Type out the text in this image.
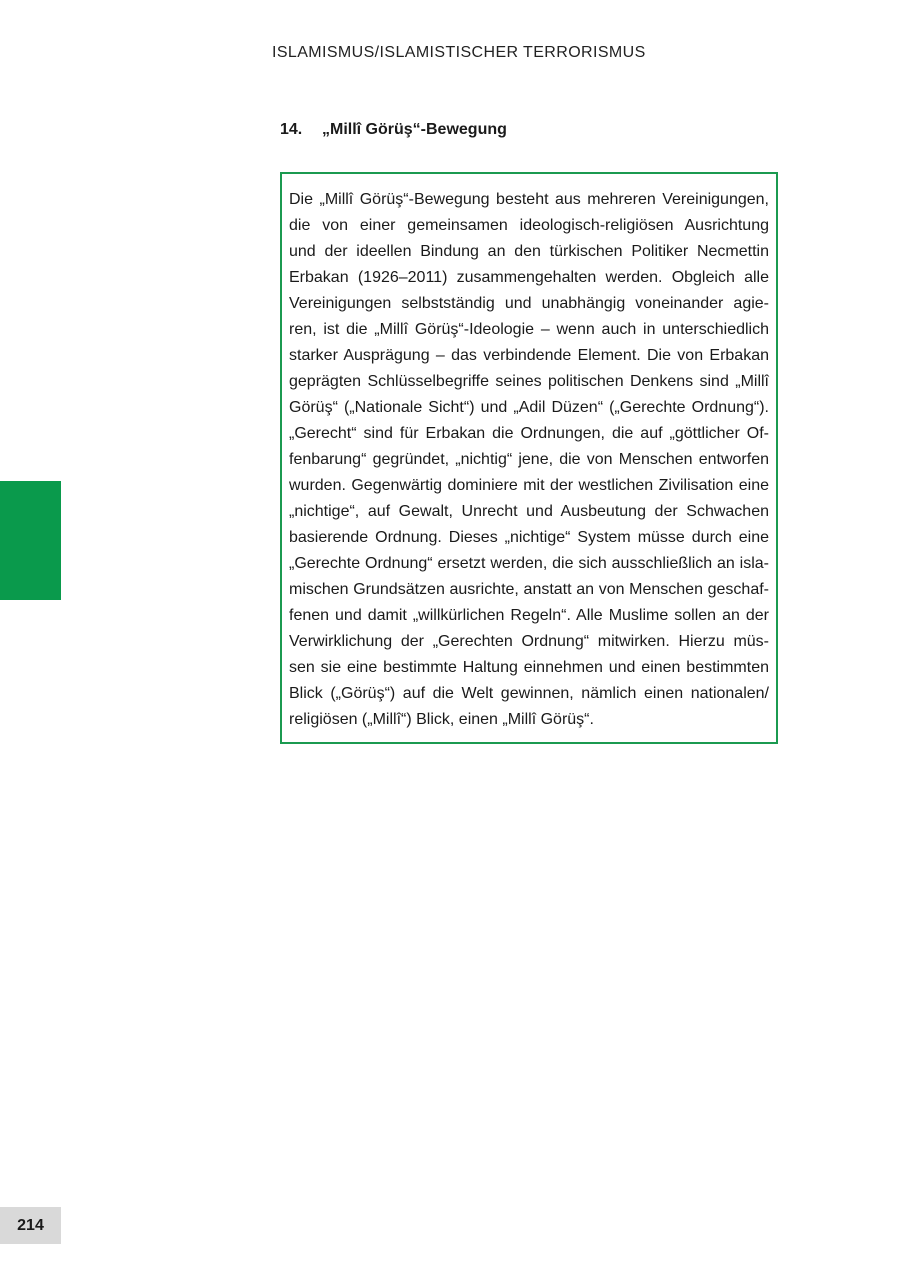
ISLAMISMUS/ISLAMISTISCHER TERRORISMUS
14. „Millî Görüş“-Bewegung
Die „Millî Görüş“-Bewegung besteht aus mehreren Vereinigungen,
die von einer gemeinsamen ideologisch-religiösen Ausrichtung
und der ideellen Bindung an den türkischen Politiker Necmettin
Erbakan (1926–2011) zusammengehalten werden. Obgleich alle
Vereinigungen selbstständig und unabhängig voneinander agie-
ren, ist die „Millî Görüş“-Ideologie – wenn auch in unterschiedlich
starker Ausprägung – das verbindende Element. Die von Erbakan
geprägten Schlüsselbegriffe seines politischen Denkens sind „Millî
Görüş“ („Nationale Sicht“) und „Adil Düzen“ („Gerechte Ordnung“).
„Gerecht“ sind für Erbakan die Ordnungen, die auf „göttlicher Of-
fenbarung“ gegründet, „nichtig“ jene, die von Menschen entworfen
wurden. Gegenwärtig dominiere mit der westlichen Zivilisation eine
„nichtige“, auf Gewalt, Unrecht und Ausbeutung der Schwachen
basierende Ordnung. Dieses „nichtige“ System müsse durch eine
„Gerechte Ordnung“ ersetzt werden, die sich ausschließlich an isla-
mischen Grundsätzen ausrichte, anstatt an von Menschen geschaf-
fenen und damit „willkürlichen Regeln“. Alle Muslime sollen an der
Verwirklichung der „Gerechten Ordnung“ mitwirken. Hierzu müs-
sen sie eine bestimmte Haltung einnehmen und einen bestimmten
Blick („Görüş“) auf die Welt gewinnen, nämlich einen nationalen/
religiösen („Millî“) Blick, einen „Millî Görüş“.
214
